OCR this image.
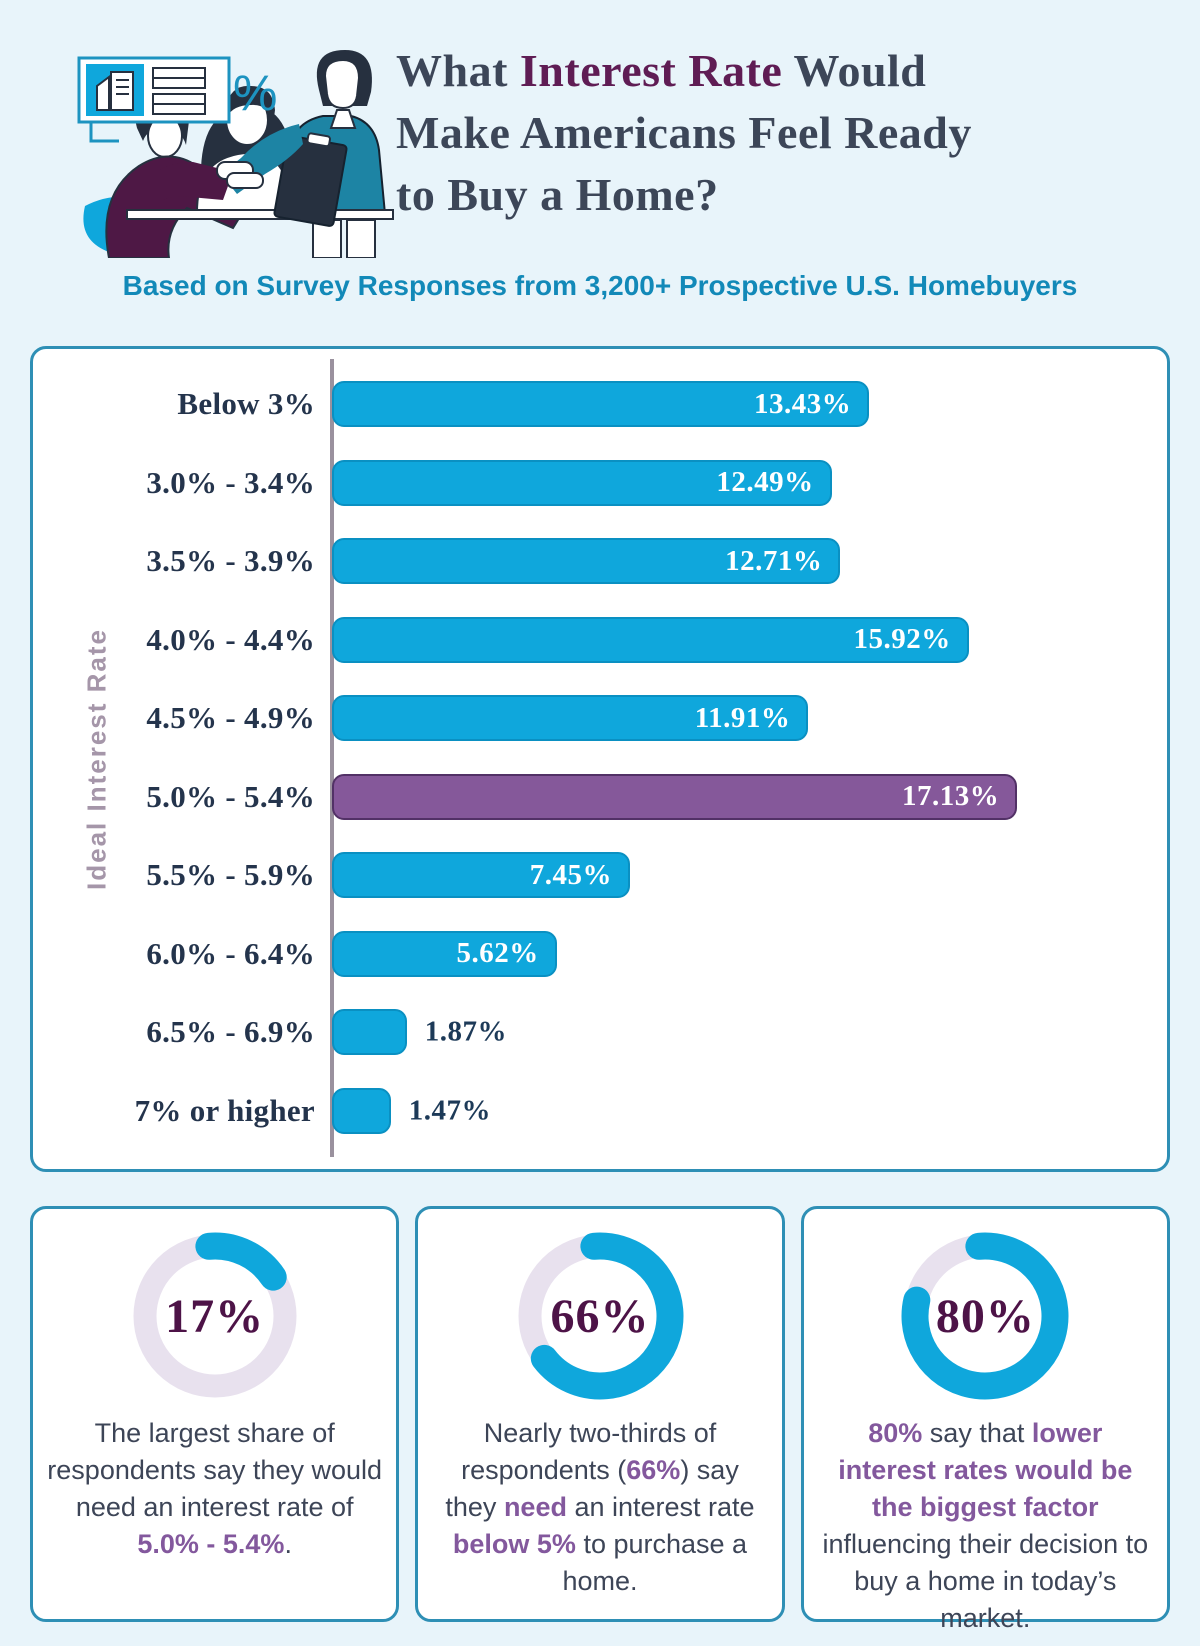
%	What Interest Rate Would
Make Americans Feel Ready
to Buy a Home?
Based on Survey Responses from 3,200+ Prospective U.S. Homebuyers
Ideal Interest Rate
Below 3%	13.43%
3.0% - 3.4%	12.49%
3.5% - 3.9%	12.71%
4.0% - 4.4%	15.92%
4.5% - 4.9%	11.91%
5.0% - 5.4%	17.13%
5.5% - 5.9%	7.45%
6.0% - 6.4%	5.62%
6.5% - 6.9%	1.87%
7% or higher	1.47%
17%

The largest share of respondents say they would need an interest rate of 5.0% - 5.4%.

66%

Nearly two-thirds of respondents (66%) say they need an interest rate below 5% to purchase a home.

80%

80% say that lower interest rates would be the biggest factor influencing their decision to buy a home in today’s market.
